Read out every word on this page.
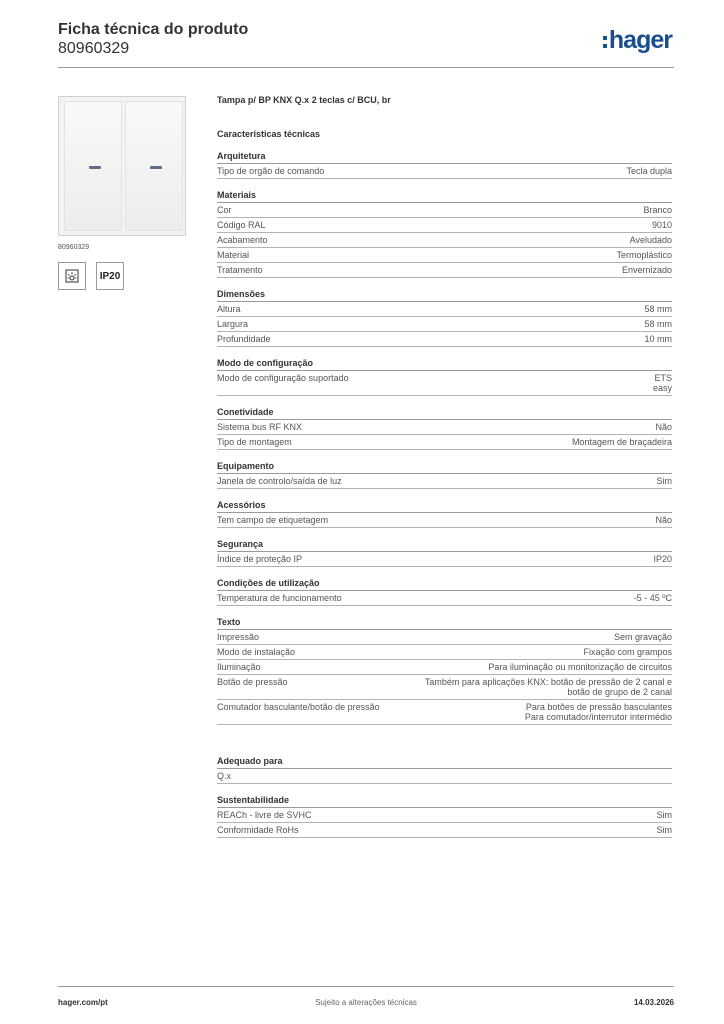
Ficha técnica do produto
80960329	hager
80960329
IP20
Tampa p/ BP KNX Q.x 2 teclas c/ BCU, br
Características técnicas
Arquitetura
Tipo de orgão de comando	Tecla dupla
Materiais
Cor	Branco
Código RAL	9010
Acabamento	Aveludado
Material	Termoplástico
Tratamento	Envernizado
Dimensões
Altura	58 mm
Largura	58 mm
Profundidade	10 mm
Modo de configuração
Modo de configuração suportado	ETS
easy
Conetividade
Sistema bus RF KNX	Não
Tipo de montagem	Montagem de braçadeira
Equipamento
Janela de controlo/saída de luz	Sim
Acessórios
Tem campo de etiquetagem	Não
Segurança
Índice de proteção IP	IP20
Condições de utilização
Temperatura de funcionamento	-5 - 45 ºC
Texto
Impressão	Sem gravação
Modo de instalação	Fixação com grampos
Iluminação	Para iluminação ou monitorização de circuitos
Botão de pressão	Também para aplicações KNX: botão de pressão de 2 canal e
botão de grupo de 2 canal
Comutador basculante/botão de pressão	Para botões de pressão basculantes
Para comutador/interrutor intermédio
Adequado para
Q.x

Sustentabilidade
REACh - livre de SVHC	Sim
Conformidade RoHs	Sim
hager.com/pt	Sujeito a alterações técnicas	14.03.2026
